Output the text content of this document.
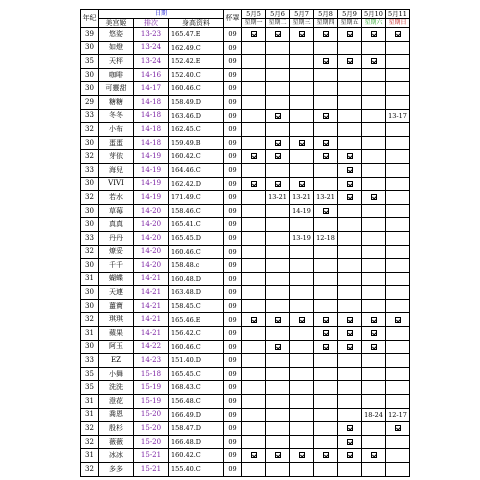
年纪	日期			杯罩	5月5	5月6	5月7	5月8	5月9	5月10	5月11
	美宫姬	排次	身高资料		星期一	星期二	星期三	星期四	星期五	星期六	星期日
39	悠姿	13-23	165.47.E	09							
30	如燈	13-24	162.49.C	09							
35	天枰	13-24	152.42.E	09							
30	咖啡	14-16	152.40.C	09							
30	可靈甜	14-17	160.46.C	09							
29	糖糖	14-18	158.49.D	09							
33	冬冬	14-18	163.46.D	09							13-17
32	小布	14-18	162.45.C	09							
30	蛋蛋	14-18	159.49.B	09							
32	芽依	14-19	160.42.C	09							
33	海兒	14-19	164.46.C	09							
30	VIVI	14-19	162.42.D	09							
32	若水	14-19	171.49.C	09		13-21	13-21	13-21			
30	草莓	14-20	158.46.C	09			14-19				
30	真真	14-20	165.41.C	09							
33	丹丹	14-20	165.45.D	09			13-19	12-18			
32	燎妥	14-20	160.46.C	09							
30	千千	14-20	158.48.c	09							
31	蝴蝶	14-21	160.48.D	09							
30	天連	14-21	163.48.D	09							
30	薑寶	14-21	158.45.C	09							
32	琪琪	14-21	165.46.E	09							
31	蘋果	14-21	156.42.C	09							
30	阿玉	14-22	160.46.C	09							
33	EZ	14-23	151.40.D	09							
35	小舞	15-18	165.45.C	09							
35	洗洗	15-19	168.43.C	09							
31	澄花	15-19	156.48.C	09							
31	喬恩	15-20	166.49.D	09						18-24	12-17
32	殷杉	15-20	158.47.D	09							
32	薇薇	15-20	166.48.D	09							
31	冰冰	15-21	160.42.C	09							
32	多多	15-21	155.40.C	09							
